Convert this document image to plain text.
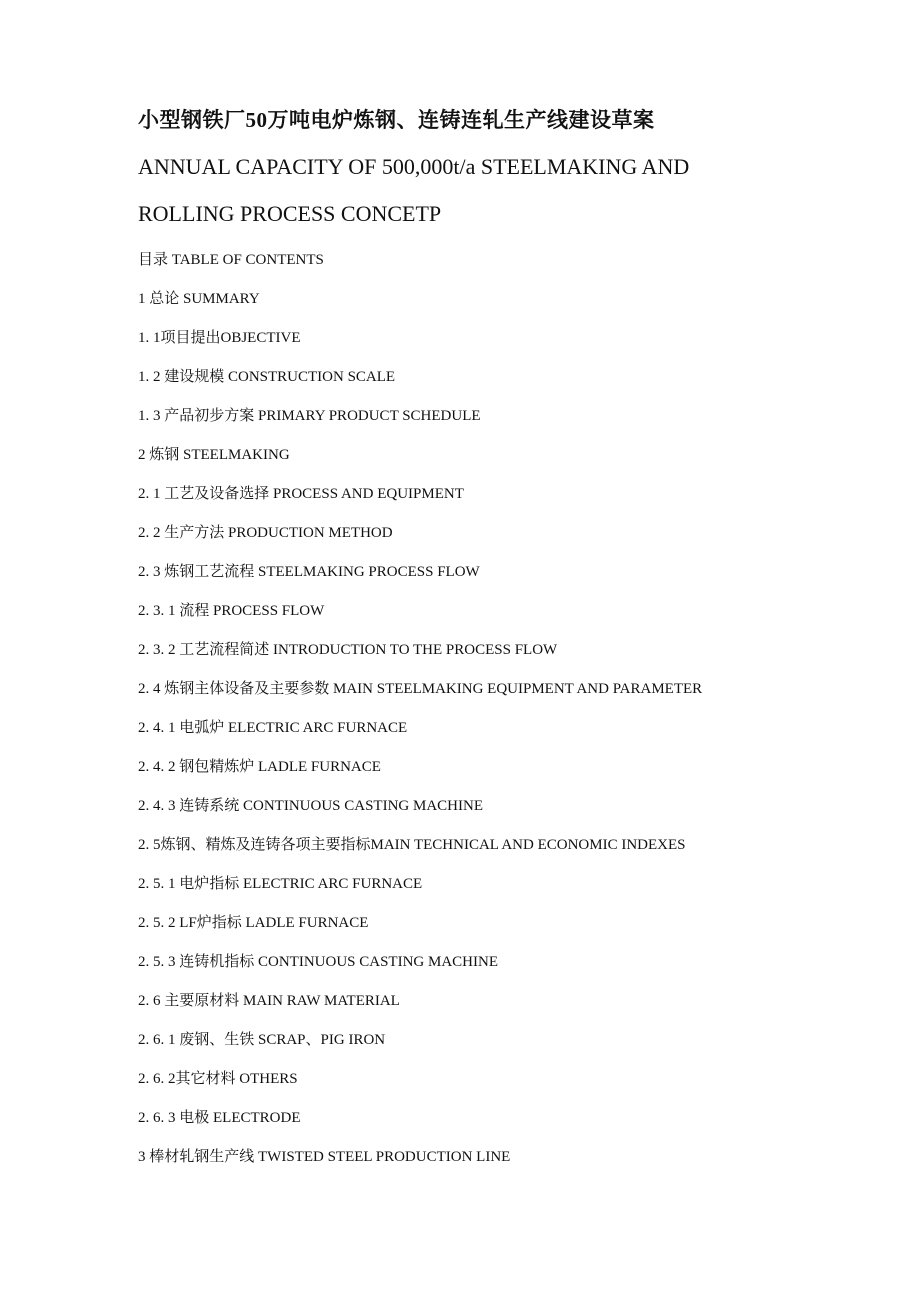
小型钢铁厂50万吨电炉炼钢、连铸连轧生产线建设草案
ANNUAL CAPACITY OF 500,000t/a STEELMAKING AND
ROLLING PROCESS CONCETP
目录 TABLE OF CONTENTS
1 总论 SUMMARY
1. 1项目提出OBJECTIVE
1. 2 建设规模 CONSTRUCTION SCALE
1. 3 产品初步方案 PRIMARY PRODUCT SCHEDULE
2 炼钢 STEELMAKING
2. 1 工艺及设备选择 PROCESS AND EQUIPMENT
2. 2 生产方法 PRODUCTION METHOD
2. 3 炼钢工艺流程 STEELMAKING PROCESS FLOW
2. 3. 1 流程 PROCESS FLOW
2. 3. 2 工艺流程简述 INTRODUCTION TO THE PROCESS FLOW
2. 4 炼钢主体设备及主要参数 MAIN STEELMAKING EQUIPMENT AND PARAMETER
2. 4. 1 电弧炉 ELECTRIC ARC FURNACE
2. 4. 2 钢包精炼炉 LADLE FURNACE
2. 4. 3 连铸系统 CONTINUOUS CASTING MACHINE
2. 5炼钢、精炼及连铸各项主要指标MAIN TECHNICAL AND ECONOMIC INDEXES
2. 5. 1 电炉指标 ELECTRIC ARC FURNACE
2. 5. 2 LF炉指标 LADLE FURNACE
2. 5. 3 连铸机指标 CONTINUOUS CASTING MACHINE
2. 6 主要原材料 MAIN RAW MATERIAL
2. 6. 1 废钢、生铁 SCRAP、PIG IRON
2. 6. 2其它材料 OTHERS
2. 6. 3 电极 ELECTRODE
3 棒材轧钢生产线 TWISTED STEEL PRODUCTION LINE
